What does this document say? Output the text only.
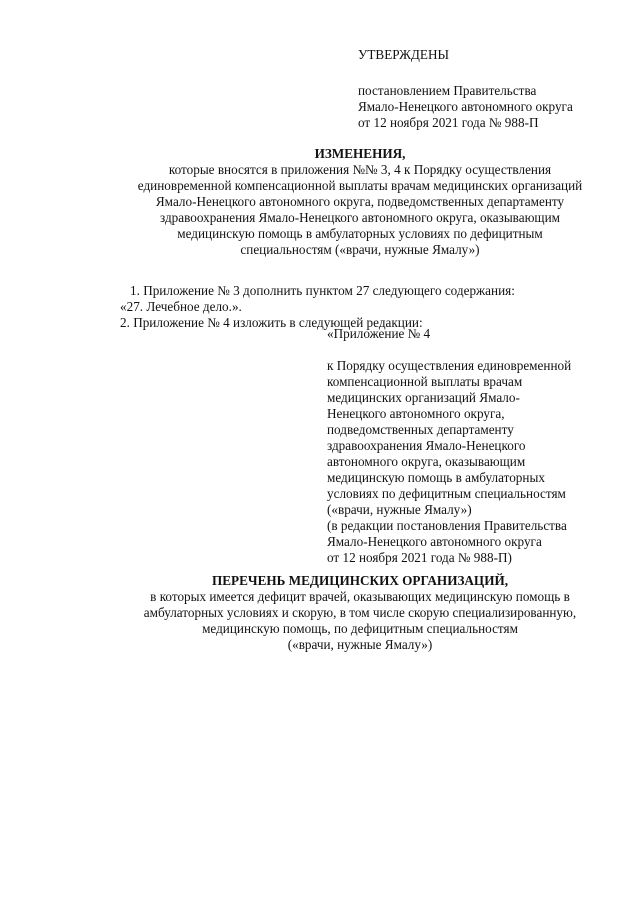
УТВЕРЖДЕНЫ
постановлением Правительства
Ямало-Ненецкого автономного округа
от 12 ноября 2021 года № 988-П
ИЗМЕНЕНИЯ,
которые вносятся в приложения №№ 3, 4 к Порядку осуществления
единовременной компенсационной выплаты врачам медицинских организаций
Ямало-Ненецкого автономного округа, подведомственных департаменту
здравоохранения Ямало-Ненецкого автономного округа, оказывающим
медицинскую помощь в амбулаторных условиях по дефицитным
специальностям («врачи, нужные Ямалу»)
1. Приложение № 3 дополнить пунктом 27 следующего содержания:
«27. Лечебное дело.».
2. Приложение № 4 изложить в следующей редакции:
«Приложение № 4
к Порядку осуществления единовременной
компенсационной выплаты врачам
медицинских организаций Ямало-
Ненецкого автономного округа,
подведомственных департаменту
здравоохранения Ямало-Ненецкого
автономного округа, оказывающим
медицинскую помощь в амбулаторных
условиях по дефицитным специальностям
(«врачи, нужные Ямалу»)
(в редакции постановления Правительства
Ямало-Ненецкого автономного округа
от 12 ноября 2021 года № 988-П)
ПЕРЕЧЕНЬ МЕДИЦИНСКИХ ОРГАНИЗАЦИЙ,
в которых имеется дефицит врачей, оказывающих медицинскую помощь в
амбулаторных условиях и скорую, в том числе скорую специализированную,
медицинскую помощь, по дефицитным специальностям
(«врачи, нужные Ямалу»)
